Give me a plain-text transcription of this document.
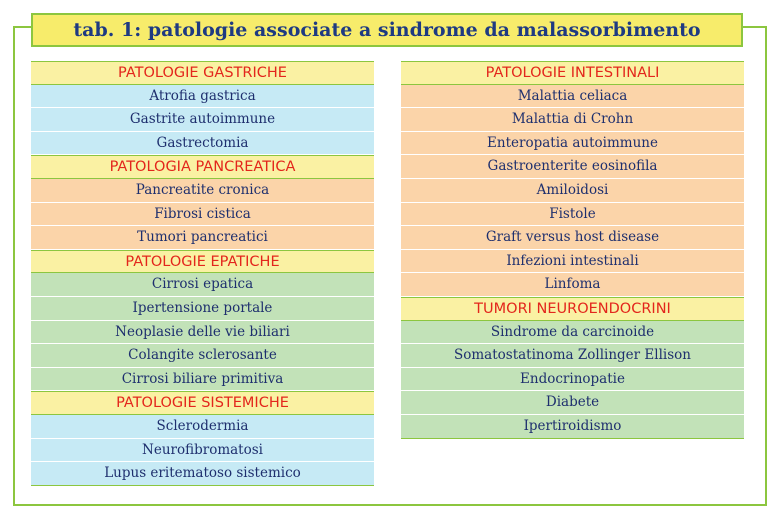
tab. 1: patologie associate a sindrome da malassorbimento
PATOLOGIE GASTRICHE
Atrofia gastrica
Gastrite autoimmune
Gastrectomia
PATOLOGIA PANCREATICA
Pancreatite cronica
Fibrosi cistica
Tumori pancreatici
PATOLOGIE EPATICHE
Cirrosi epatica
Ipertensione portale
Neoplasie delle vie biliari
Colangite sclerosante
Cirrosi biliare primitiva
PATOLOGIE SISTEMICHE
Sclerodermia
Neurofibromatosi
Lupus eritematoso sistemico
PATOLOGIE INTESTINALI
Malattia celiaca
Malattia di Crohn
Enteropatia autoimmune
Gastroenterite eosinofila
Amiloidosi
Fistole
Graft versus host disease
Infezioni intestinali
Linfoma
TUMORI NEUROENDOCRINI
Sindrome da carcinoide
Somatostatinoma Zollinger Ellison
Endocrinopatie
Diabete
Ipertiroidismo
